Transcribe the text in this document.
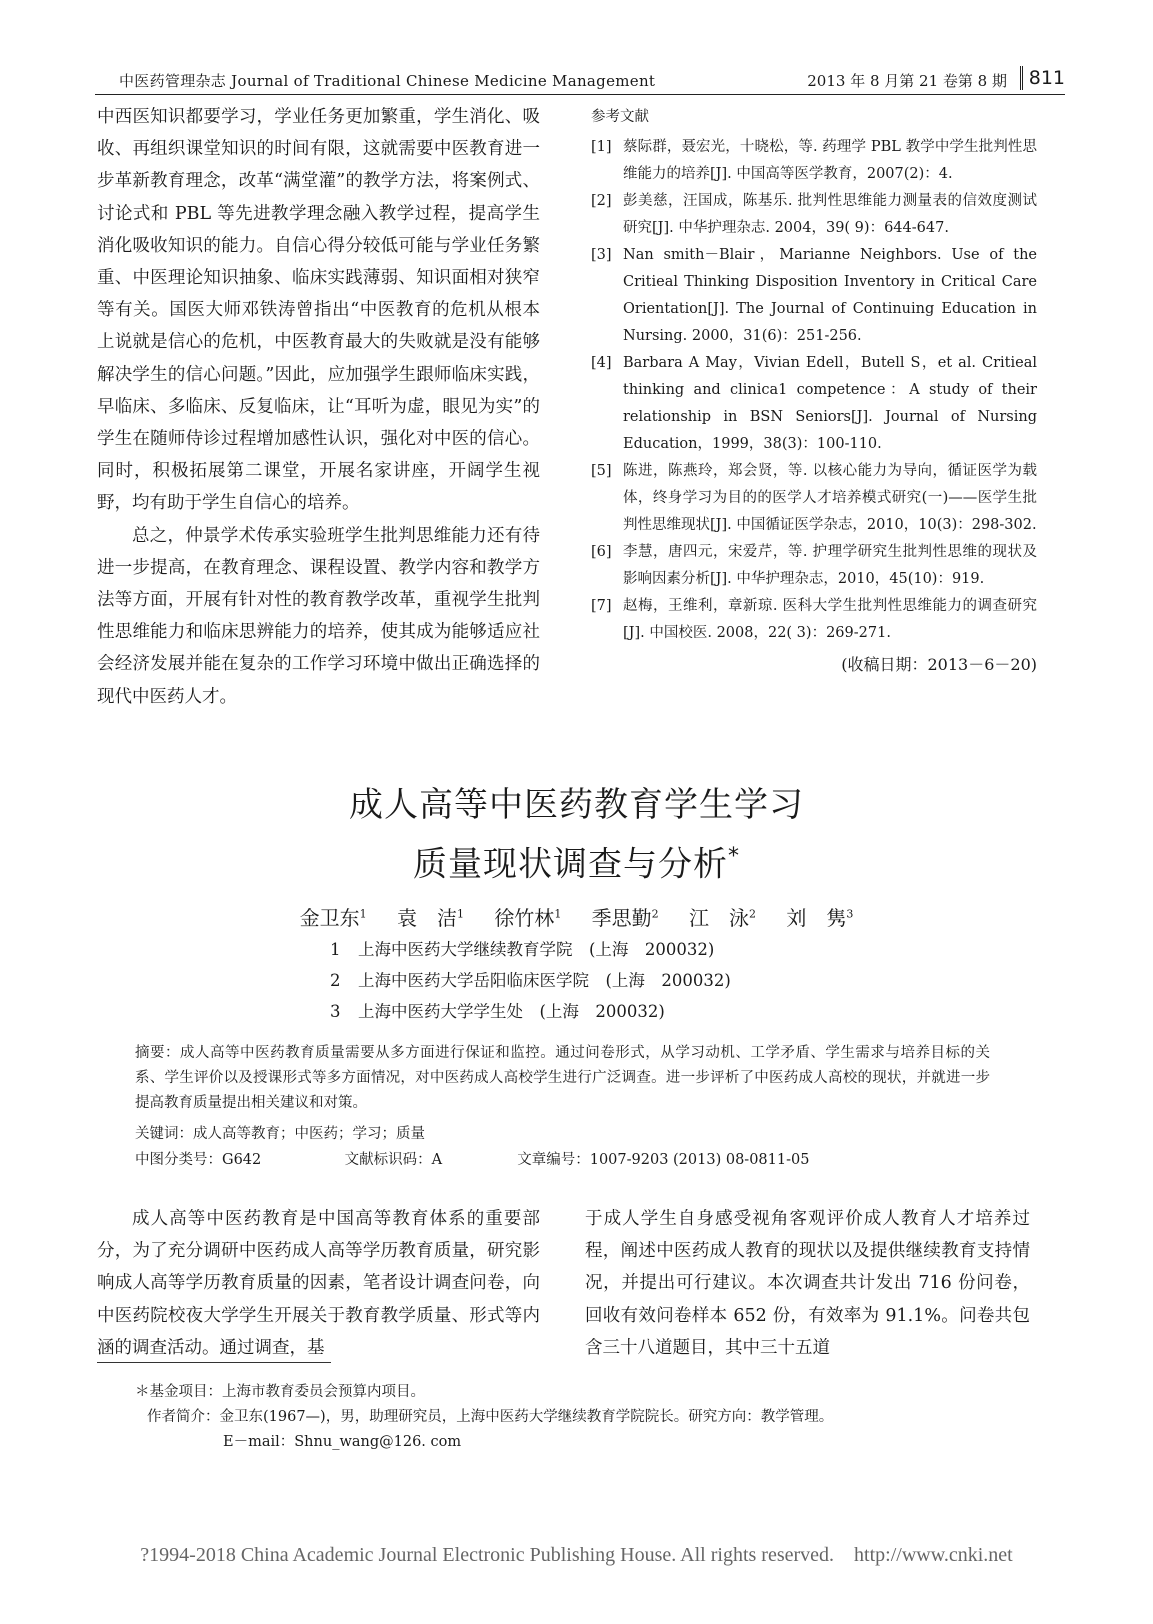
中医药管理杂志 Journal of Traditional Chinese Medicine Management	2013 年 8 月第 21 卷第 8 期	811

中西医知识都要学习，学业任务更加繁重，学生消化、吸收、再组织课堂知识的时间有限，这就需要中医教育进一步革新教育理念，改革“满堂灌”的教学方法，将案例式、讨论式和 PBL 等先进教学理念融入教学过程，提高学生消化吸收知识的能力。自信心得分较低可能与学业任务繁重、中医理论知识抽象、临床实践薄弱、知识面相对狭窄等有关。国医大师邓铁涛曾指出“中医教育的危机从根本上说就是信心的危机，中医教育最大的失败就是没有能够解决学生的信心问题。”因此，应加强学生跟师临床实践，早临床、多临床、反复临床，让“耳听为虚，眼见为实”的学生在随师侍诊过程增加感性认识，强化对中医的信心。同时，积极拓展第二课堂，开展名家讲座，开阔学生视野，均有助于学生自信心的培养。

总之，仲景学术传承实验班学生批判思维能力还有待进一步提高，在教育理念、课程设置、教学内容和教学方法等方面，开展有针对性的教育教学改革，重视学生批判性思维能力和临床思辨能力的培养，使其成为能够适应社会经济发展并能在复杂的工作学习环境中做出正确选择的现代中医药人才。

参考文献
[1] 蔡际群，聂宏光，十晓松，等. 药理学 PBL 教学中学生批判性思维能力的培养[J]. 中国高等医学教育，2007(2)：4.
[2] 彭美慈，汪国成，陈基乐. 批判性思维能力测量表的信效度测试研究[J]. 中华护理杂志. 2004，39( 9)：644-647.
[3] Nan smith－Blair，Marianne Neighbors. Use of the Critieal Thinking Disposition Inventory in Critical Care Orientation[J]. The Journal of Continuing Education in Nursing. 2000，31(6)：251-256.
[4] Barbara A May，Vivian Edell，Butell S，et al. Critieal thinking and clinica1 competence：A study of their relationship in BSN Seniors[J]. Journal of Nursing Education，1999，38(3)：100-110.
[5] 陈进，陈燕玲，郑会贤，等. 以核心能力为导向，循证医学为载体，终身学习为目的的医学人才培养模式研究(一)——医学生批判性思维现状[J]. 中国循证医学杂志，2010，10(3)：298-302.
[6] 李慧，唐四元，宋爱芹，等. 护理学研究生批判性思维的现状及影响因素分析[J]. 中华护理杂志，2010，45(10)：919.
[7] 赵梅，王维利，章新琼. 医科大学生批判性思维能力的调查研究[J]. 中国校医. 2008，22( 3)：269-271.
(收稿日期：2013－6－20)
成人高等中医药教育学生学习
质量现状调查与分析*
金卫东$^1$ 袁　洁$^1$ 徐竹林$^1$ 季思勤$^2$ 江　泳$^2$ 刘　隽$^3$
1 上海中医药大学继续教育学院　(上海　200032)
2 上海中医药大学岳阳临床医学院　(上海　200032)
3 上海中医药大学学生处　(上海　200032)
摘要：成人高等中医药教育质量需要从多方面进行保证和监控。通过问卷形式，从学习动机、工学矛盾、学生需求与培养目标的关系、学生评价以及授课形式等多方面情况，对中医药成人高校学生进行广泛调查。进一步评析了中医药成人高校的现状，并就进一步提高教育质量提出相关建议和对策。
关键词：成人高等教育；中医药；学习；质量
中图分类号：G642	文献标识码：A	文章编号：1007-9203 (2013) 08-0811-05
成人高等中医药教育是中国高等教育体系的重要部分，为了充分调研中医药成人高等学历教育质量，研究影响成人高等学历教育质量的因素，笔者设计调查问卷，向中医药院校夜大学学生开展关于教育教学质量、形式等内涵的调查活动。通过调查，基
于成人学生自身感受视角客观评价成人教育人才培养过程，阐述中医药成人教育的现状以及提供继续教育支持情况，并提出可行建议。本次调查共计发出 716 份问卷，回收有效问卷样本 652 份，有效率为 91.1%。问卷共包含三十八道题目，其中三十五道
＊基金项目：上海市教育委员会预算内项目。
作者简介：金卫东(1967—)，男，助理研究员，上海中医药大学继续教育学院院长。研究方向：教学管理。
E－mail：Shnu_wang@126. com
?1994-2018 China Academic Journal Electronic Publishing House. All rights reserved.　http://www.cnki.net
